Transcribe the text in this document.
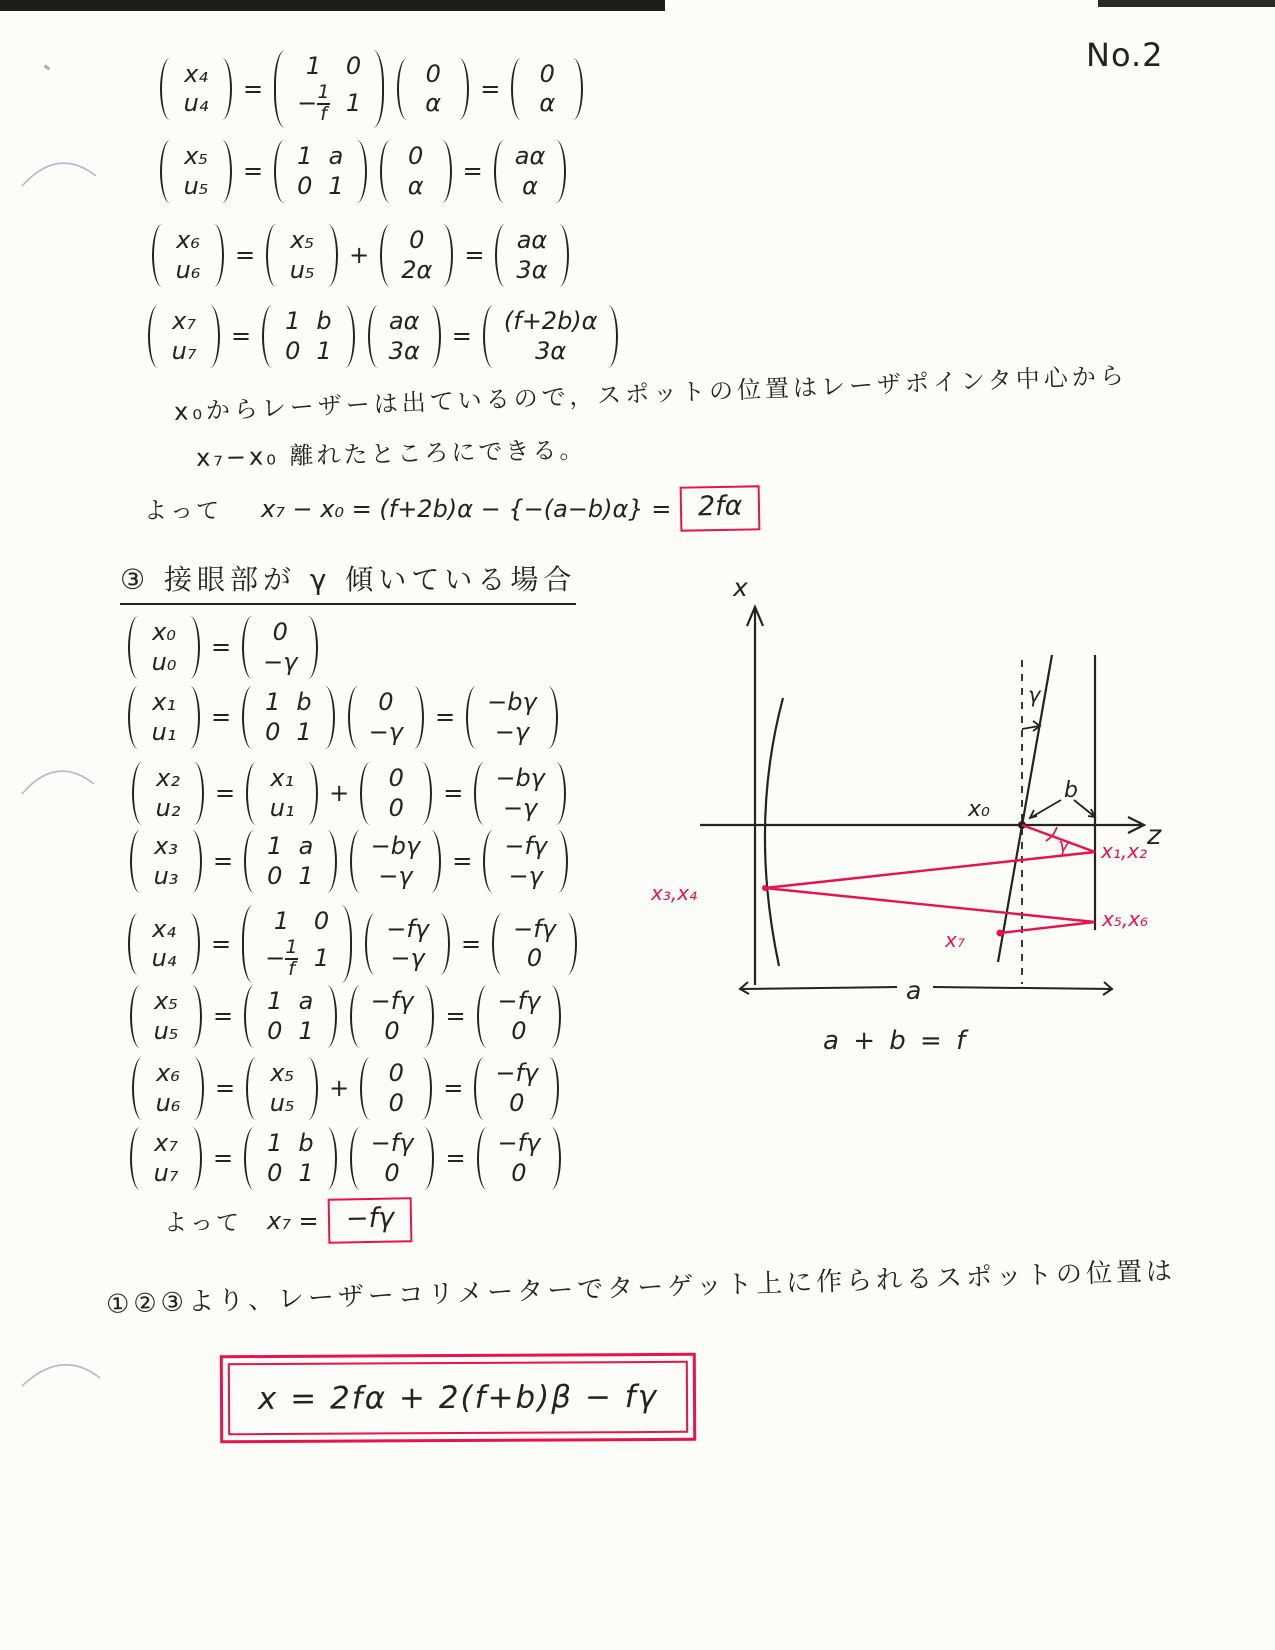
No.2
x₄
u₄
=
1 0
− $\frac{1}{f} 1$
0
α
=
0
α
x₅
u₅
=
1 a
0 1
0
α
=
aα
α
x₆
u₆
=
x₅
u₅
+
0
2α
=
aα
3α
x₇
u₇
=
1 b
0 1
aα
3α
=
(f+2b)α
3α
x₀からレーザーは出ているので，スポットの位置はレーザポインタ中心から
x₇−x₀ 離れたところにできる。
よって x₇ − x₀ = (f+2b)α − {−(a−b)α} = 2fα
③ 接眼部が γ 傾いている場合
x₀
u₀
=
0
−γ
x₁
u₁
=
1 b
0 1
0
−γ
=
−bγ
−γ
x₂
u₂
=
x₁
u₁
+
0
0
=
−bγ
−γ
x₃
u₃
=
1 a
0 1
−bγ
−γ
=
−fγ
−γ
x₄
u₄
=
1 0
− $\frac{1}{f} 1$
−fγ
−γ
=
−fγ
0
x₅
u₅
=
1 a
0 1
−fγ
0
=
−fγ
0
x₆
u₆
=
x₅
u₅
+
0
0
=
−fγ
0
x₇
u₇
=
1 b
0 1
−fγ
0
=
−fγ
0
よって x₇ = −fγ
x
z
γ
x₀
b
γ x₁,x₂
x₃,x₄
x₅,x₆
x₇
a
a + b = f
①②③より、レーザーコリメーターでターゲット上に作られるスポットの位置は
x = 2fα + 2(f+b)β − fγ
